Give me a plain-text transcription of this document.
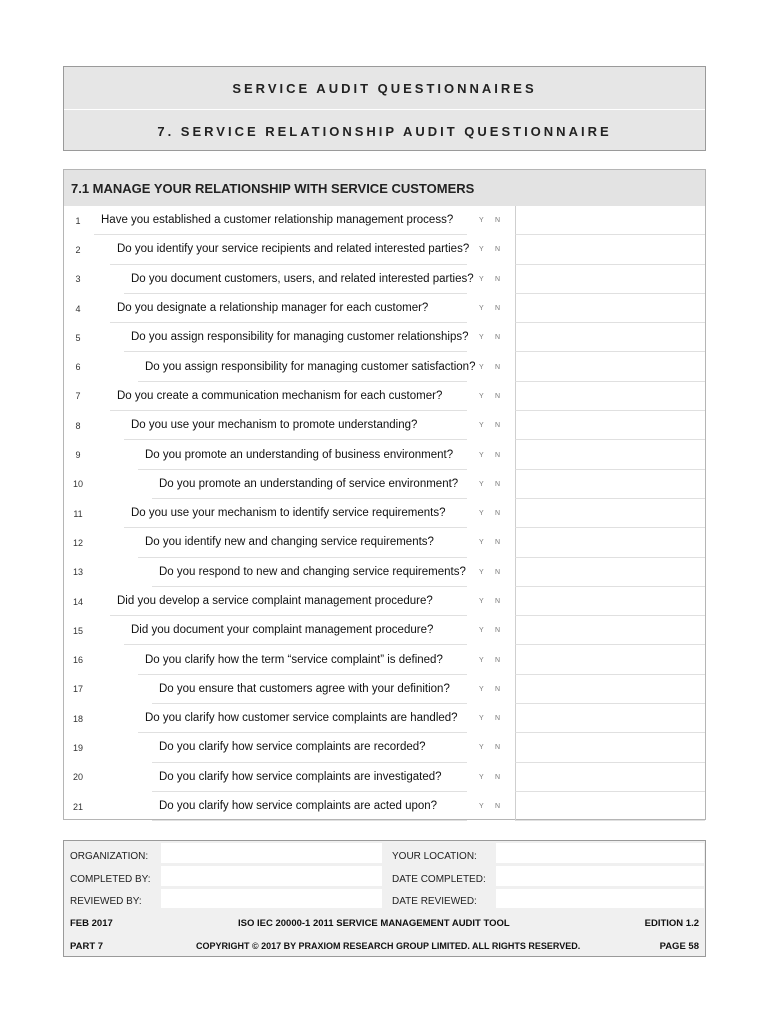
SERVICE AUDIT QUESTIONNAIRES
7. SERVICE RELATIONSHIP AUDIT QUESTIONNAIRE
7.1 MANAGE YOUR RELATIONSHIP WITH SERVICE CUSTOMERS
1	Have you established a customer relationship management process?	Y N
2	Do you identify your service recipients and related interested parties? Y N
3	Do you document customers, users, and related interested parties? Y N
4	Do you designate a relationship manager for each customer?	Y N
5	Do you assign responsibility for managing customer relationships? Y N
6	Do you assign responsibility for managing customer satisfaction? Y N
7	Do you create a communication mechanism for each customer?	Y N
8	Do you use your mechanism to promote understanding?	Y N
9	Do you promote an understanding of business environment?	Y N
10	Do you promote an understanding of service environment?	Y N
11	Do you use your mechanism to identify service requirements?	Y N
12	Do you identify new and changing service requirements?	Y N
13	Do you respond to new and changing service requirements? Y N
14	Did you develop a service complaint management procedure?	Y N
15	Did you document your complaint management procedure?	Y N
16	Do you clarify how the term “service complaint” is defined?	Y N
17	Do you ensure that customers agree with your definition?	Y N
18	Do you clarify how customer service complaints are handled?	Y N
19	Do you clarify how service complaints are recorded?	Y N
20	Do you clarify how service complaints are investigated?	Y N
21	Do you clarify how service complaints are acted upon?	Y N
ORGANIZATION:	YOUR LOCATION:
COMPLETED BY:	DATE COMPLETED:
REVIEWED BY:	DATE REVIEWED:
FEB 2017	ISO IEC 20000-1 2011 SERVICE MANAGEMENT AUDIT TOOL	EDITION 1.2
PART 7	COPYRIGHT © 2017 BY PRAXIOM RESEARCH GROUP LIMITED. ALL RIGHTS RESERVED.	PAGE 58
